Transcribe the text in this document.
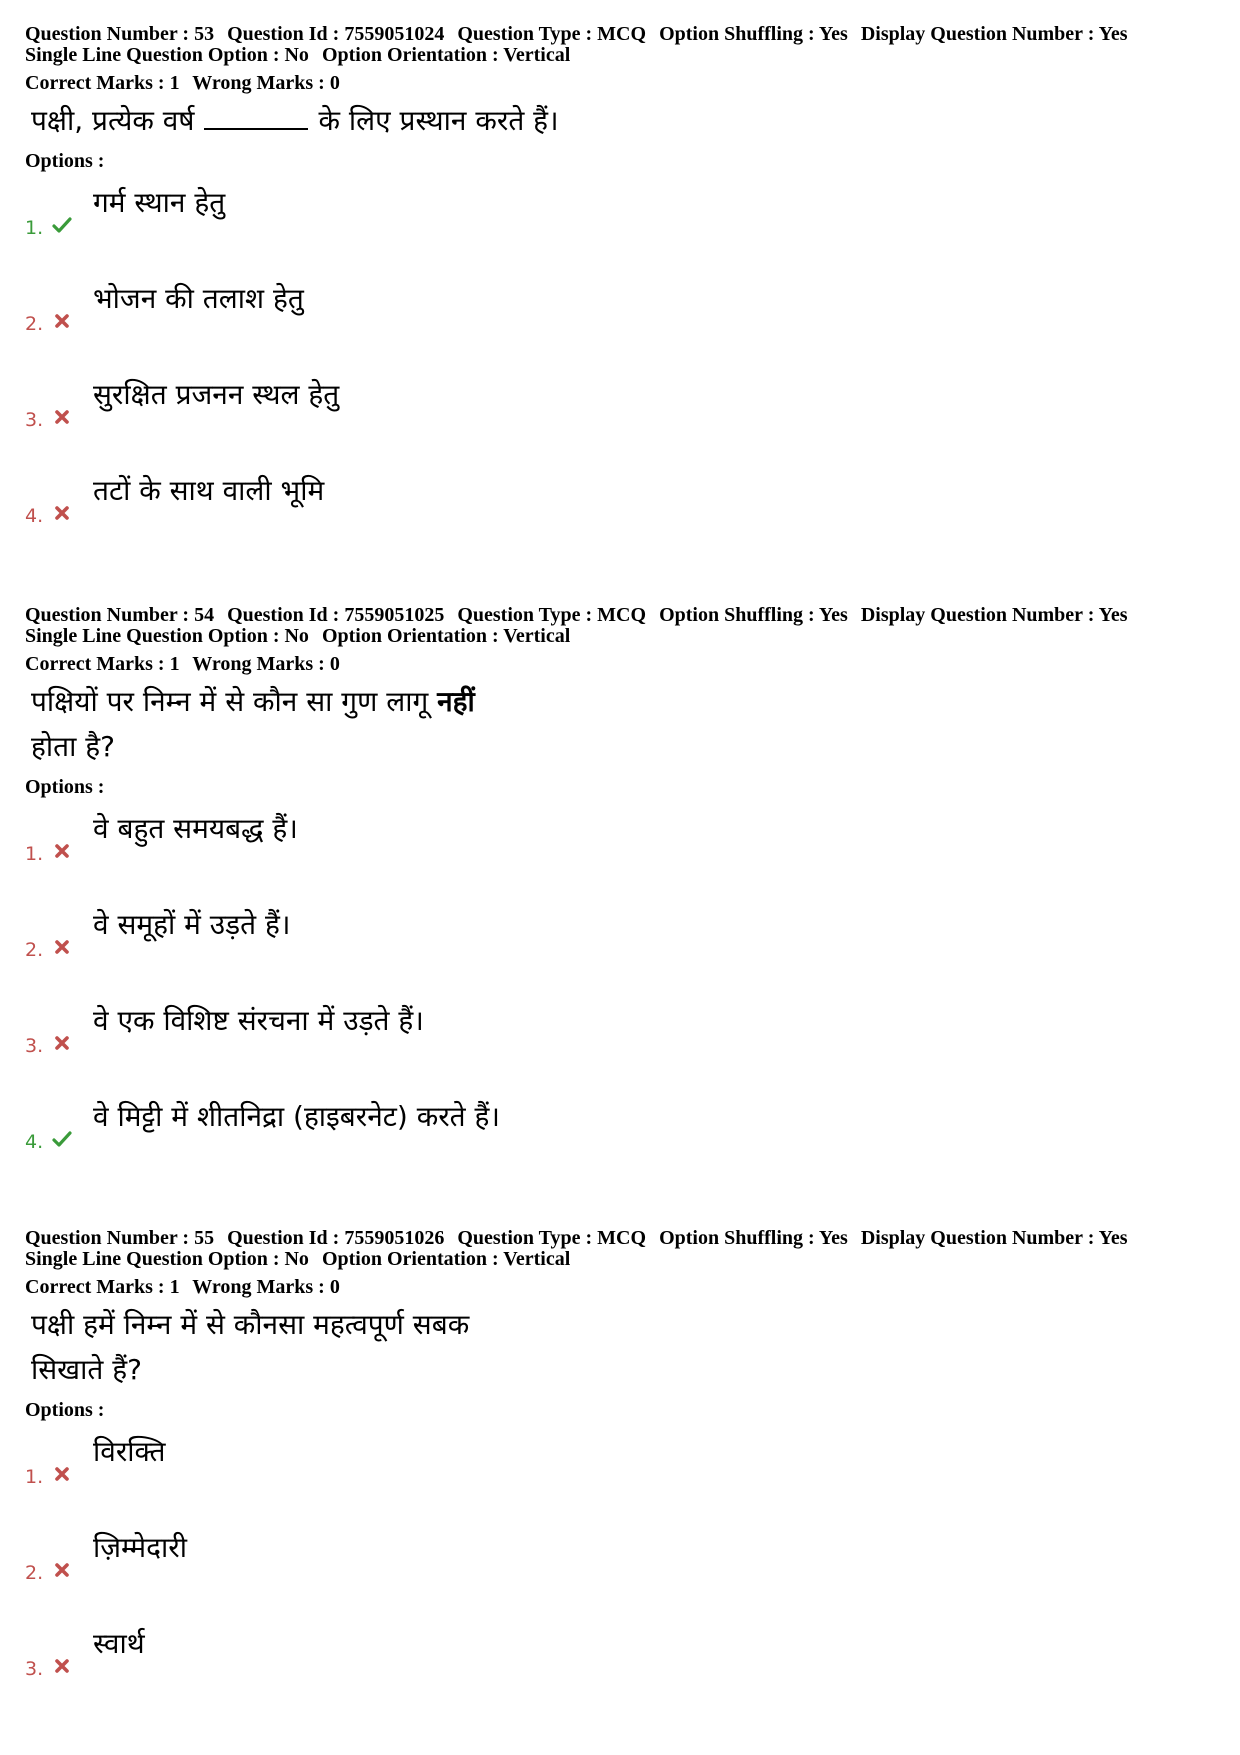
Question Number : 53 Question Id : 7559051024 Question Type : MCQ Option Shuffling : Yes Display Question Number : Yes
Single Line Question Option : No Option Orientation : Vertical
Correct Marks : 1 Wrong Marks : 0
पक्षी, प्रत्येक वर्ष	के लिए प्रस्थान करते हैं।
Options :
1.
गर्म स्थान हेतु
2.
भोजन की तलाश हेतु
3.
सुरक्षित प्रजनन स्थल हेतु
4.
तटों के साथ वाली भूमि
Question Number : 54 Question Id : 7559051025 Question Type : MCQ Option Shuffling : Yes Display Question Number : Yes
Single Line Question Option : No Option Orientation : Vertical
Correct Marks : 1 Wrong Marks : 0
पक्षियों पर निम्न में से कौन सा गुण लागू नहीं
होता है?
Options :
1.
वे बहुत समयबद्ध हैं।
2.
वे समूहों में उड़ते हैं।
3.
वे एक विशिष्ट संरचना में उड़ते हैं।
4.
वे मिट्टी में शीतनिद्रा (हाइबरनेट) करते हैं।
Question Number : 55 Question Id : 7559051026 Question Type : MCQ Option Shuffling : Yes Display Question Number : Yes
Single Line Question Option : No Option Orientation : Vertical
Correct Marks : 1 Wrong Marks : 0
पक्षी हमें निम्न में से कौनसा महत्वपूर्ण सबक
सिखाते हैं?
Options :
1.
विरक्ति
2.
ज़िम्मेदारी
3.
स्वार्थ
